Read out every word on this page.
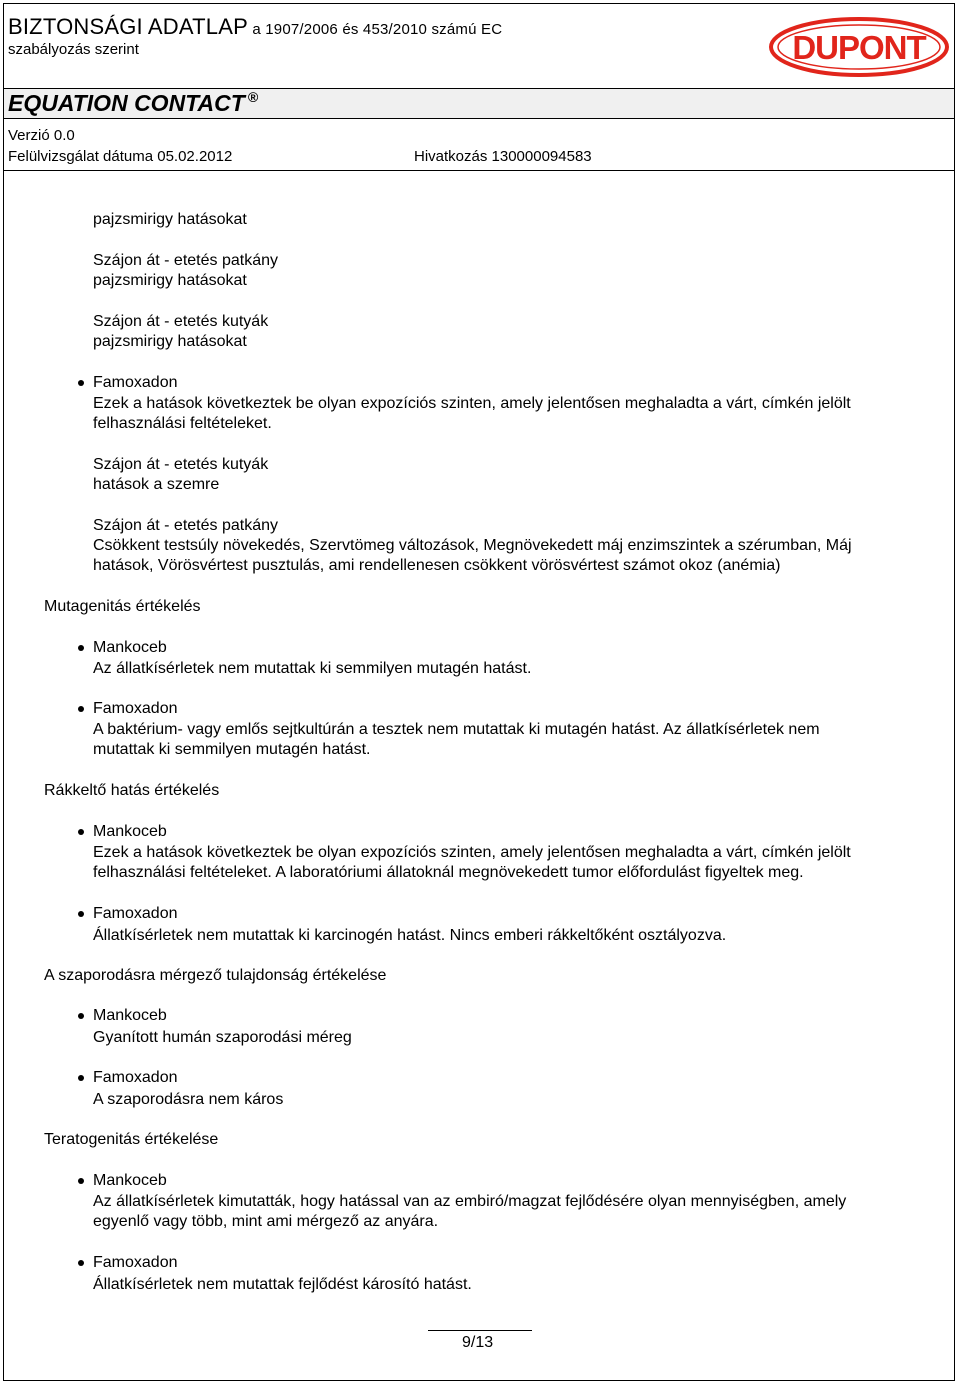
BIZTONSÁGI ADATLAP a 1907/2006 és 453/2010 számú EC
szabályozás szerint	DUPONT
EQUATION CONTACT ®
Verzió 0.0
Felülvizsgálat dátuma 05.02.2012	Hivatkozás 130000094583
pajzsmirigy hatásokat
Szájon át - etetés patkány
pajzsmirigy hatásokat
Szájon át - etetés kutyák
pajzsmirigy hatásokat
Famoxadon
Ezek a hatások következtek be olyan expozíciós szinten, amely jelentősen meghaladta a várt, címkén jelölt
felhasználási feltételeket.
Szájon át - etetés kutyák
hatások a szemre
Szájon át - etetés patkány
Csökkent testsúly növekedés, Szervtömeg változások, Megnövekedett máj enzimszintek a szérumban, Máj
hatások, Vörösvértest pusztulás, ami rendellenesen csökkent vörösvértest számot okoz (anémia)
Mutagenitás értékelés
Mankoceb
Az állatkísérletek nem mutattak ki semmilyen mutagén hatást.
Famoxadon
A baktérium- vagy emlős sejtkultúrán a tesztek nem mutattak ki mutagén hatást. Az állatkísérletek nem
mutattak ki semmilyen mutagén hatást.
Rákkeltő hatás értékelés
Mankoceb
Ezek a hatások következtek be olyan expozíciós szinten, amely jelentősen meghaladta a várt, címkén jelölt
felhasználási feltételeket. A laboratóriumi állatoknál megnövekedett tumor előfordulást figyeltek meg.
Famoxadon
Állatkísérletek nem mutattak ki karcinogén hatást. Nincs emberi rákkeltőként osztályozva.
A szaporodásra mérgező tulajdonság értékelése
Mankoceb
Gyanított humán szaporodási méreg
Famoxadon
A szaporodásra nem káros
Teratogenitás értékelése
Mankoceb
Az állatkísérletek kimutatták, hogy hatással van az embiró/magzat fejlődésére olyan mennyiségben, amely
egyenlő vagy több, mint ami mérgező az anyára.
Famoxadon
Állatkísérletek nem mutattak fejlődést károsító hatást.
9/13
